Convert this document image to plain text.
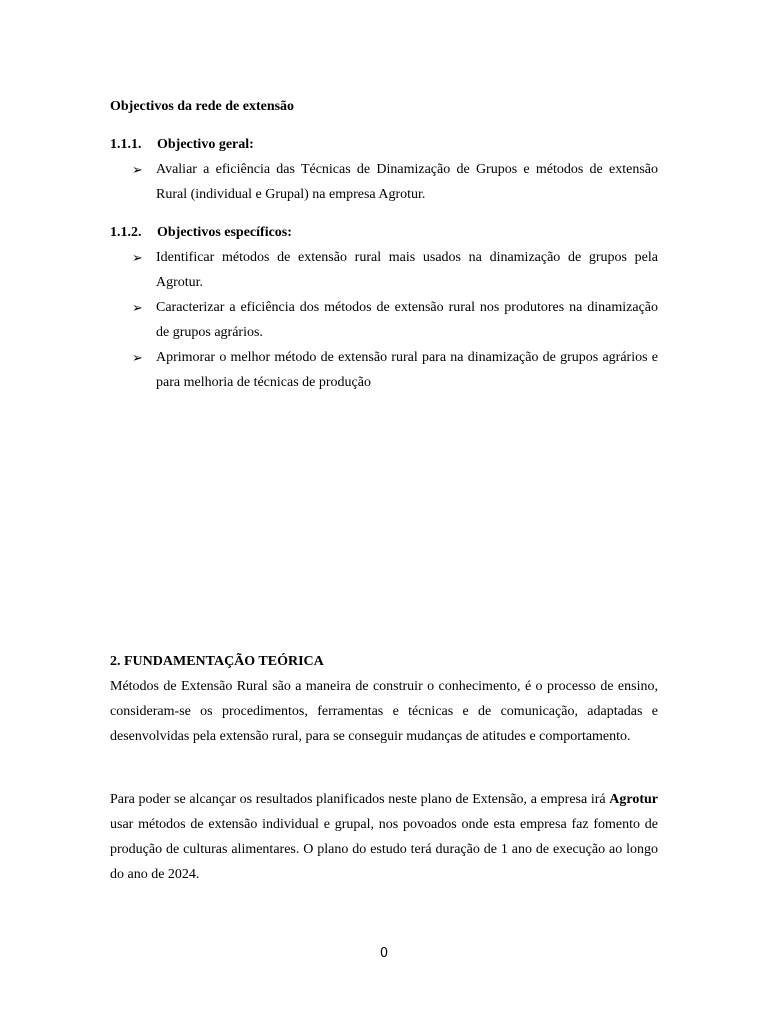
Objectivos da rede de extensão
1.1.1.	Objectivo geral:
➢ Avaliar a eficiência das Técnicas de Dinamização de Grupos e métodos de extensão Rural (individual e Grupal) na empresa Agrotur.
1.1.2.	Objectivos específicos:
➢ Identificar métodos de extensão rural mais usados na dinamização de grupos pela Agrotur.
➢ Caracterizar a eficiência dos métodos de extensão rural nos produtores na dinamização de grupos agrários.
➢ Aprimorar o melhor método de extensão rural para na dinamização de grupos agrários e para melhoria de técnicas de produção
2. FUNDAMENTAÇÃO TEÓRICA

Métodos de Extensão Rural são a maneira de construir o conhecimento, é o processo de ensino, consideram-se os procedimentos, ferramentas e técnicas e de comunicação, adaptadas e desenvolvidas pela extensão rural, para se conseguir mudanças de atitudes e comportamento.

Para poder se alcançar os resultados planificados neste plano de Extensão, a empresa irá Agrotur usar métodos de extensão individual e grupal, nos povoados onde esta empresa faz fomento de produção de culturas alimentares. O plano do estudo terá duração de 1 ano de execução ao longo do ano de 2024.

0
